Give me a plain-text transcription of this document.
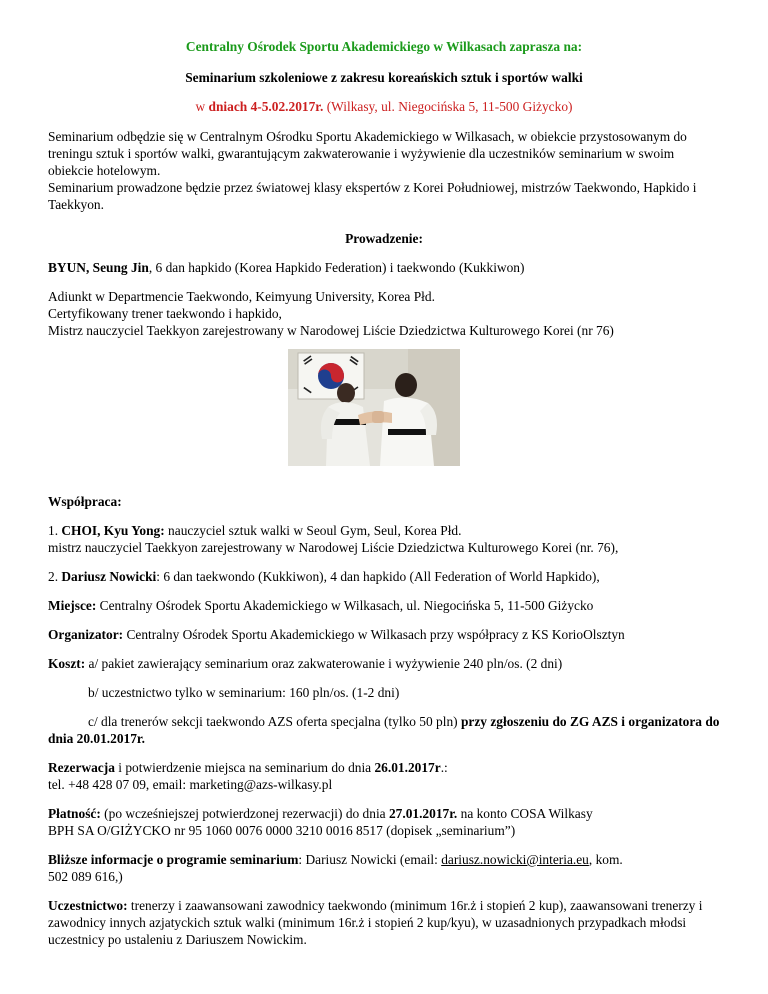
Centralny Ośrodek Sportu Akademickiego w Wilkasach zaprasza na:

Seminarium szkoleniowe z zakresu koreańskich sztuk i sportów walki

w dniach 4-5.02.2017r. (Wilkasy, ul. Niegocińska 5, 11-500 Giżycko)

Seminarium odbędzie się w Centralnym Ośrodku Sportu Akademickiego w Wilkasach, w obiekcie przystosowanym do treningu sztuk i sportów walki, gwarantującym zakwaterowanie i wyżywienie dla uczestników seminarium w swoim obiekcie hotelowym.

Seminarium prowadzone będzie przez światowej klasy ekspertów z Korei Południowej, mistrzów Taekwondo, Hapkido i Taekkyon.

Prowadzenie:

BYUN, Seung Jin, 6 dan hapkido (Korea Hapkido Federation) i taekwondo (Kukkiwon)

Adiunkt w Departmencie Taekwondo, Keimyung University, Korea Płd.

Certyfikowany trener taekwondo i hapkido,

Mistrz nauczyciel Taekkyon zarejestrowany w Narodowej Liście Dziedzictwa Kulturowego Korei (nr 76)

Współpraca:

1. CHOI, Kyu Yong: nauczyciel sztuk walki w Seoul Gym, Seul, Korea Płd.

mistrz nauczyciel Taekkyon zarejestrowany w Narodowej Liście Dziedzictwa Kulturowego Korei (nr. 76),

2. Dariusz Nowicki: 6 dan taekwondo (Kukkiwon), 4 dan hapkido (All Federation of World Hapkido),

Miejsce: Centralny Ośrodek Sportu Akademickiego w Wilkasach, ul. Niegocińska 5, 11-500 Giżycko

Organizator: Centralny Ośrodek Sportu Akademickiego w Wilkasach przy współpracy z KS KorioOlsztyn

Koszt: a/ pakiet zawierający seminarium oraz zakwaterowanie i wyżywienie 240 pln/os. (2 dni)

b/ uczestnictwo tylko w seminarium: 160 pln/os. (1-2 dni)

c/ dla trenerów sekcji taekwondo AZS oferta specjalna (tylko 50 pln) przy zgłoszeniu do ZG AZS i organizatora do dnia 20.01.2017r.

Rezerwacja i potwierdzenie miejsca na seminarium do dnia 26.01.2017r.:

tel. +48 428 07 09, email: marketing@azs-wilkasy.pl

Płatność: (po wcześniejszej potwierdzonej rezerwacji) do dnia 27.01.2017r. na konto COSA Wilkasy

BPH SA O/GIŻYCKO nr 95 1060 0076 0000 3210 0016 8517 (dopisek „seminarium”)

Bliższe informacje o programie seminarium: Dariusz Nowicki (email: dariusz.nowicki@interia.eu, kom.

502 089 616,)

Uczestnictwo: trenerzy i zaawansowani zawodnicy taekwondo (minimum 16r.ż i stopień 2 kup), zaawansowani trenerzy i zawodnicy innych azjatyckich sztuk walki (minimum 16r.ż i stopień 2 kup/kyu), w uzasadnionych przypadkach młodsi uczestnicy po ustaleniu z Dariuszem Nowickim.
